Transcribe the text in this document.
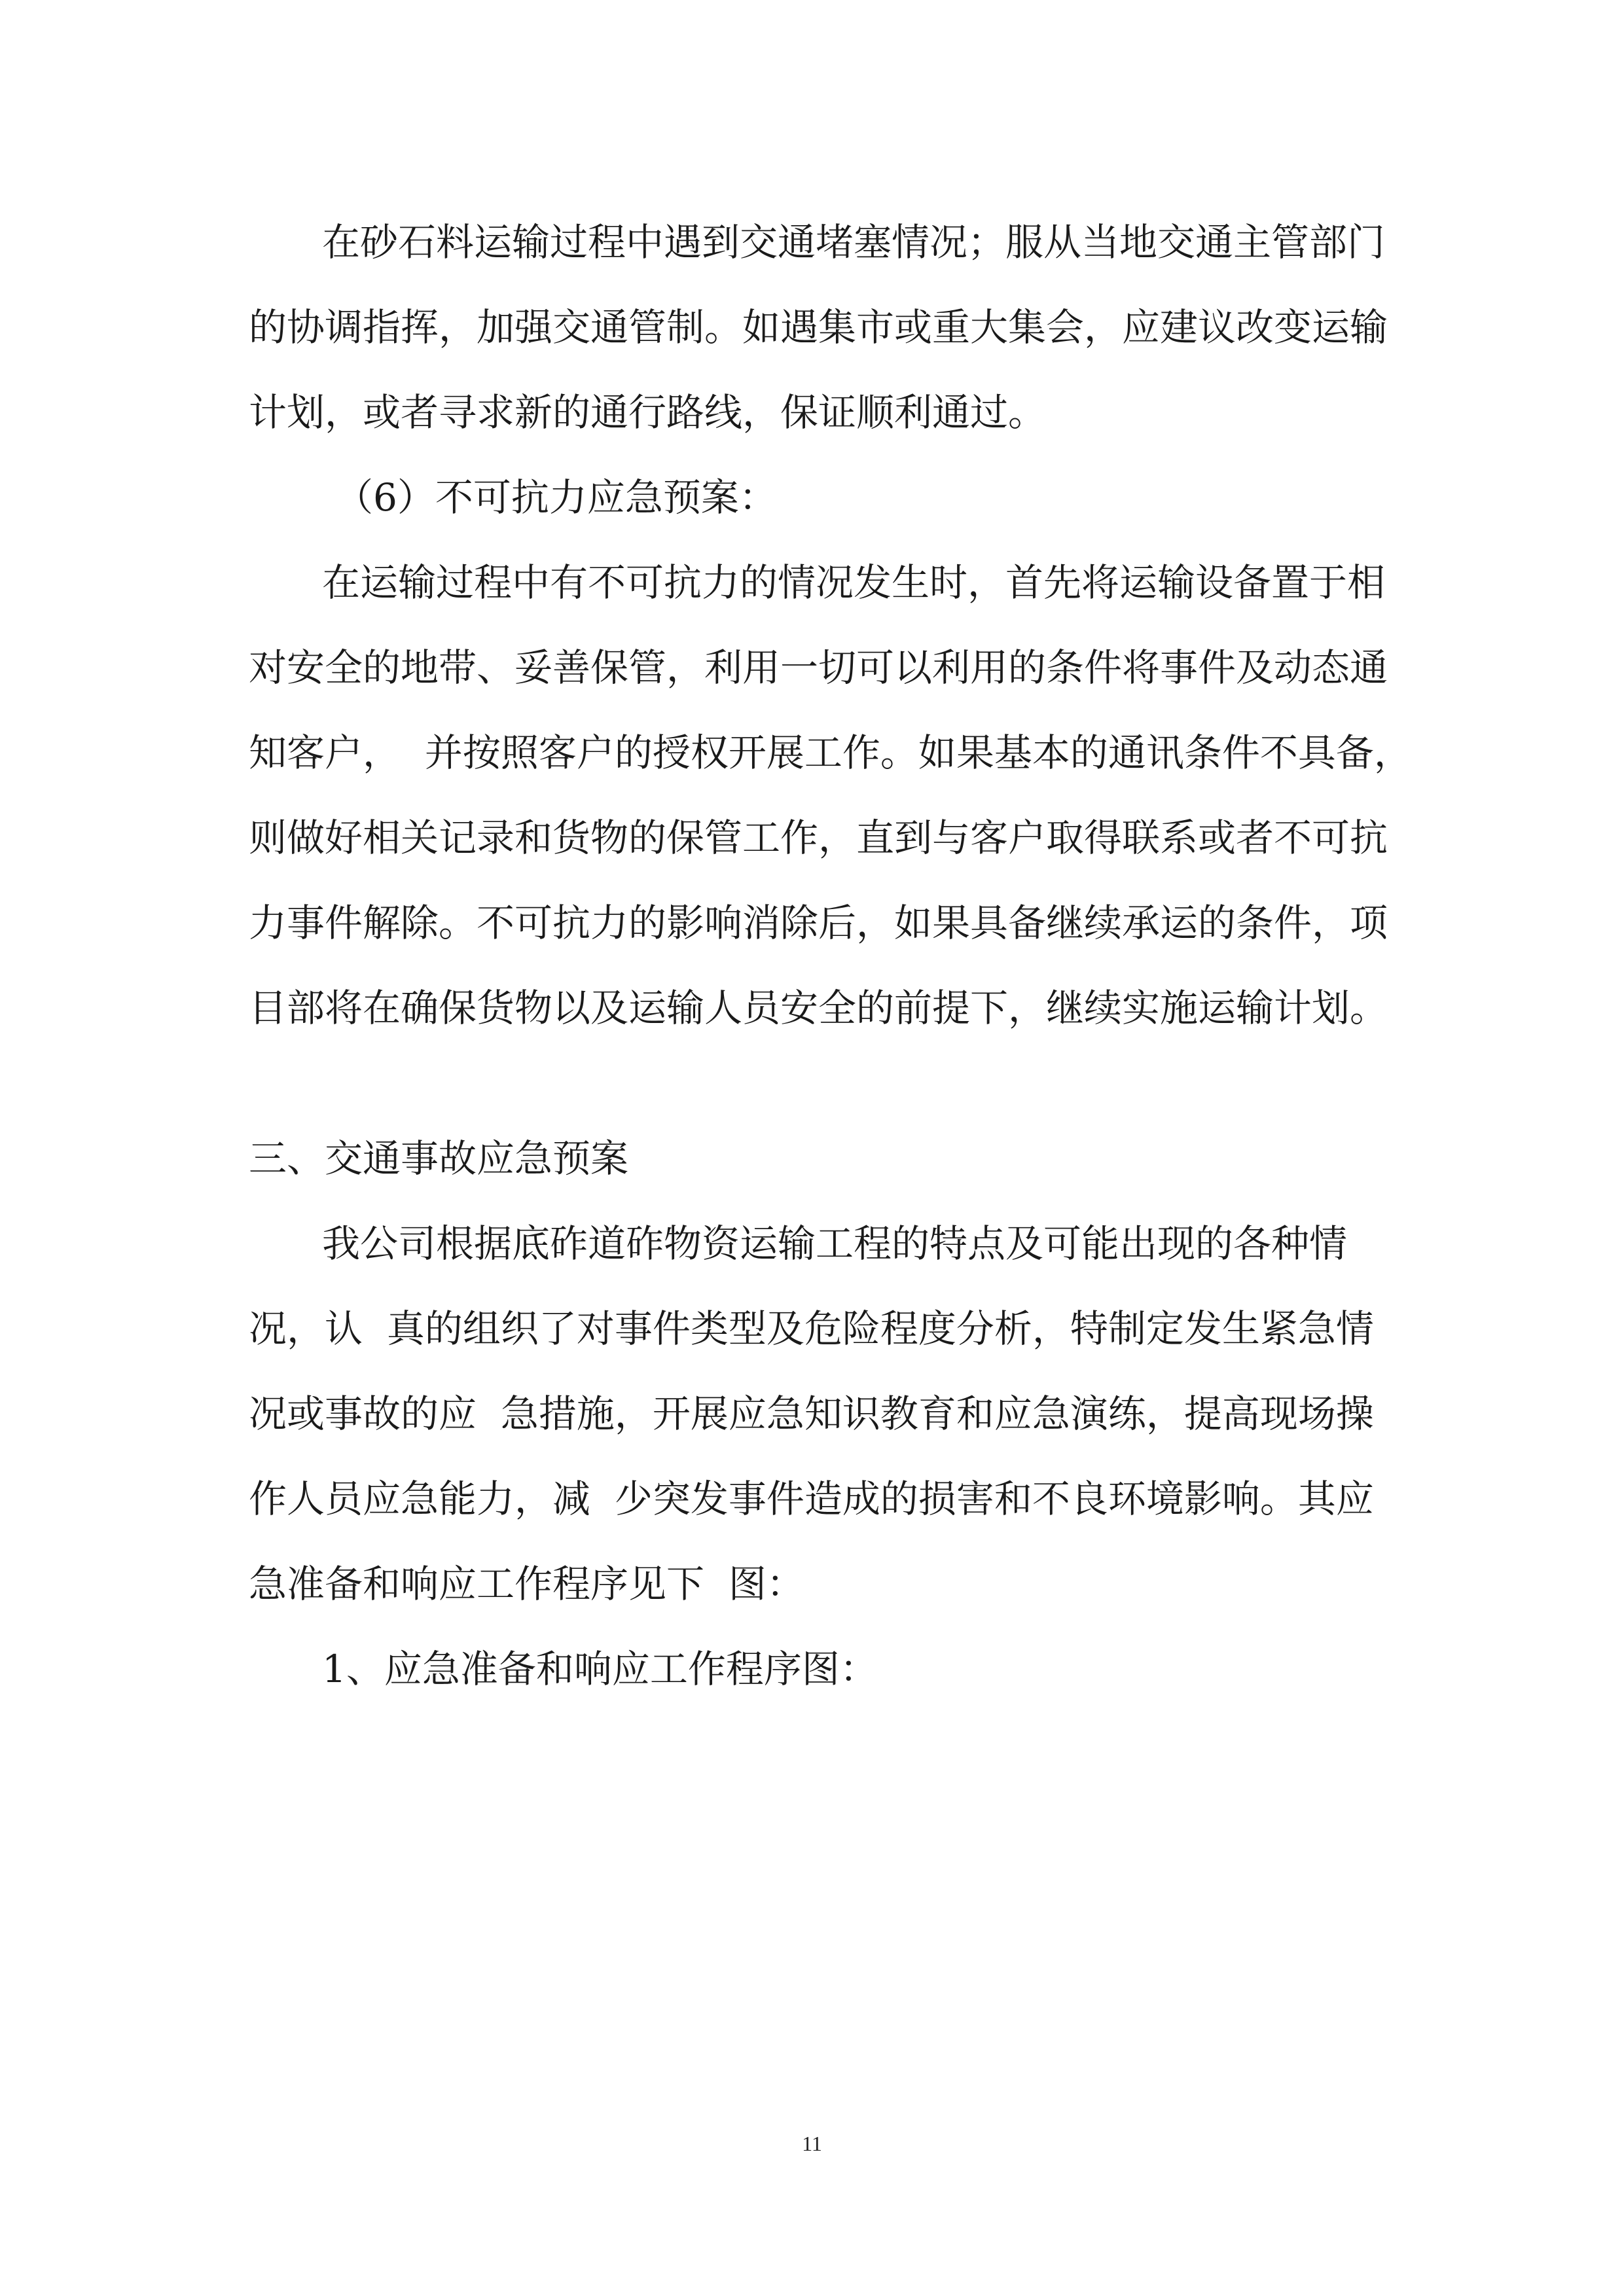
在砂石料运输过程中遇到交通堵塞情况；服从当地交通主管部门
的协调指挥，加强交通管制。如遇集市或重大集会，应建议改变运输
计划，或者寻求新的通行路线，保证顺利通过。
（6）不可抗力应急预案：
在运输过程中有不可抗力的情况发生时，首先将运输设备置于相
对安全的地带、妥善保管，利用一切可以利用的条件将事件及动态通
知客户，  并按照客户的授权开展工作。如果基本的通讯条件不具备，
则做好相关记录和货物的保管工作，直到与客户取得联系或者不可抗
力事件解除。不可抗力的影响消除后，如果具备继续承运的条件，项
目部将在确保货物以及运输人员安全的前提下，继续实施运输计划。
三、交通事故应急预案
我公司根据底砟道砟物资运输工程的特点及可能出现的各种情
况，认  真的组织了对事件类型及危险程度分析，特制定发生紧急情
况或事故的应  急措施，开展应急知识教育和应急演练，提高现场操
作人员应急能力，减  少突发事件造成的损害和不良环境影响。其应
急准备和响应工作程序见下  图：
1、应急准备和响应工作程序图：
11
